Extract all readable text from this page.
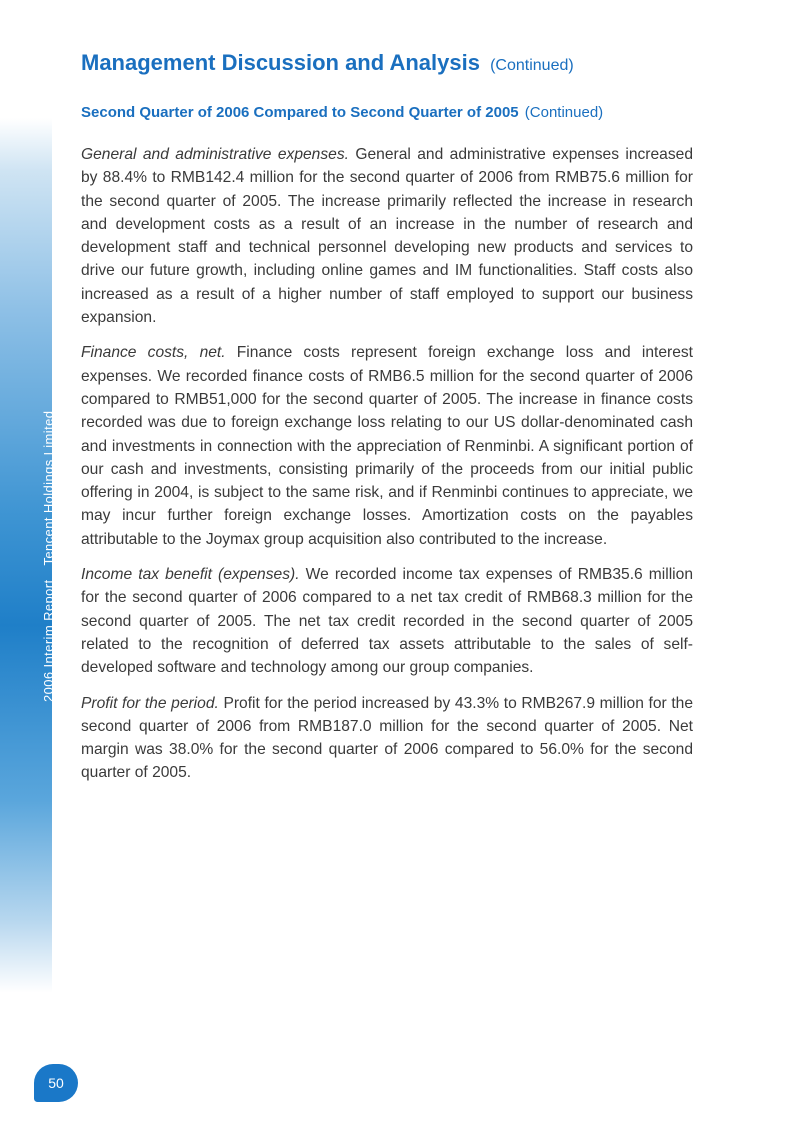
2006 Interim ReportTencent Holdings Limited
Management Discussion and Analysis (Continued)
Second Quarter of 2006 Compared to Second Quarter of 2005 (Continued)

General and administrative expenses. General and administrative expenses increased by 88.4% to RMB142.4 million for the second quarter of 2006 from RMB75.6 million for the second quarter of 2005. The increase primarily reflected the increase in research and development costs as a result of an increase in the number of research and development staff and technical personnel developing new products and services to drive our future growth, including online games and IM functionalities. Staff costs also increased as a result of a higher number of staff employed to support our business expansion.

Finance costs, net. Finance costs represent foreign exchange loss and interest expenses. We recorded finance costs of RMB6.5 million for the second quarter of 2006 compared to RMB51,000 for the second quarter of 2005. The increase in finance costs recorded was due to foreign exchange loss relating to our US dollar-denominated cash and investments in connection with the appreciation of Renminbi. A significant portion of our cash and investments, consisting primarily of the proceeds from our initial public offering in 2004, is subject to the same risk, and if Renminbi continues to appreciate, we may incur further foreign exchange losses. Amortization costs on the payables attributable to the Joymax group acquisition also contributed to the increase.

Income tax benefit (expenses). We recorded income tax expenses of RMB35.6 million for the second quarter of 2006 compared to a net tax credit of RMB68.3 million for the second quarter of 2005. The net tax credit recorded in the second quarter of 2005 related to the recognition of deferred tax assets attributable to the sales of self-developed software and technology among our group companies.

Profit for the period. Profit for the period increased by 43.3% to RMB267.9 million for the second quarter of 2006 from RMB187.0 million for the second quarter of 2005. Net margin was 38.0% for the second quarter of 2006 compared to 56.0% for the second quarter of 2005.

50
